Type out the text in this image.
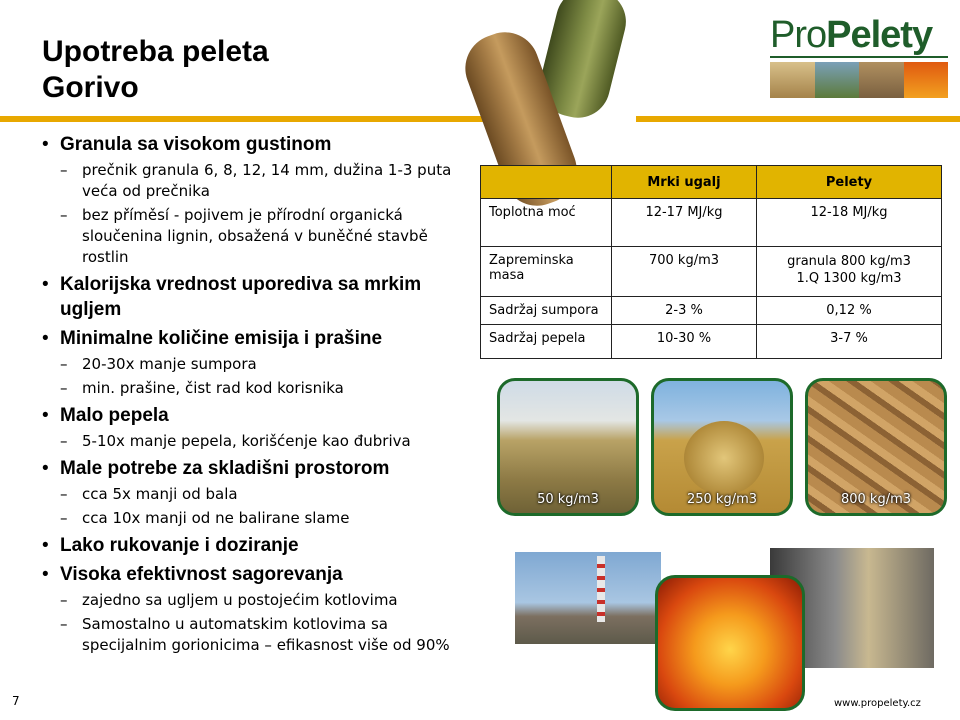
Upotreba peleta
Gorivo
ProPelety
• Granula sa visokom gustinom
– prečnik granula 6, 8, 12, 14 mm, dužina 1-3 puta veća od prečnika
– bez příměsí - pojivem je přírodní organická sloučenina lignin, obsažená v buněčné stavbě rostlin
• Kalorijska vrednost uporediva sa mrkim ugljem
• Minimalne količine emisija i prašine
– 20-30x manje sumpora
– min. prašine, čist rad kod korisnika
• Malo pepela
– 5-10x manje pepela, korišćenje kao đubriva
• Male potrebe za skladišni prostorom
– cca 5x manji od bala
– cca 10x manji od ne balirane slame
• Lako rukovanje i doziranje
• Visoka efektivnost sagorevanja
– zajedno sa ugljem u postojećim kotlovima
– Samostalno u automatskim kotlovima sa specijalnim gorionicima – efikasnost više od 90%
	Mrki ugalj	Pelety
Toplotna moć	12-17 MJ/kg	12-18 MJ/kg
Zapreminska masa	700 kg/m3	granula 800 kg/m3
1.Q 1300 kg/m3
Sadržaj sumpora	2-3 %	0,12 %
Sadržaj pepela	10-30 %	3-7 %
50 kg/m3	250 kg/m3	800 kg/m3
7	www.propelety.cz
